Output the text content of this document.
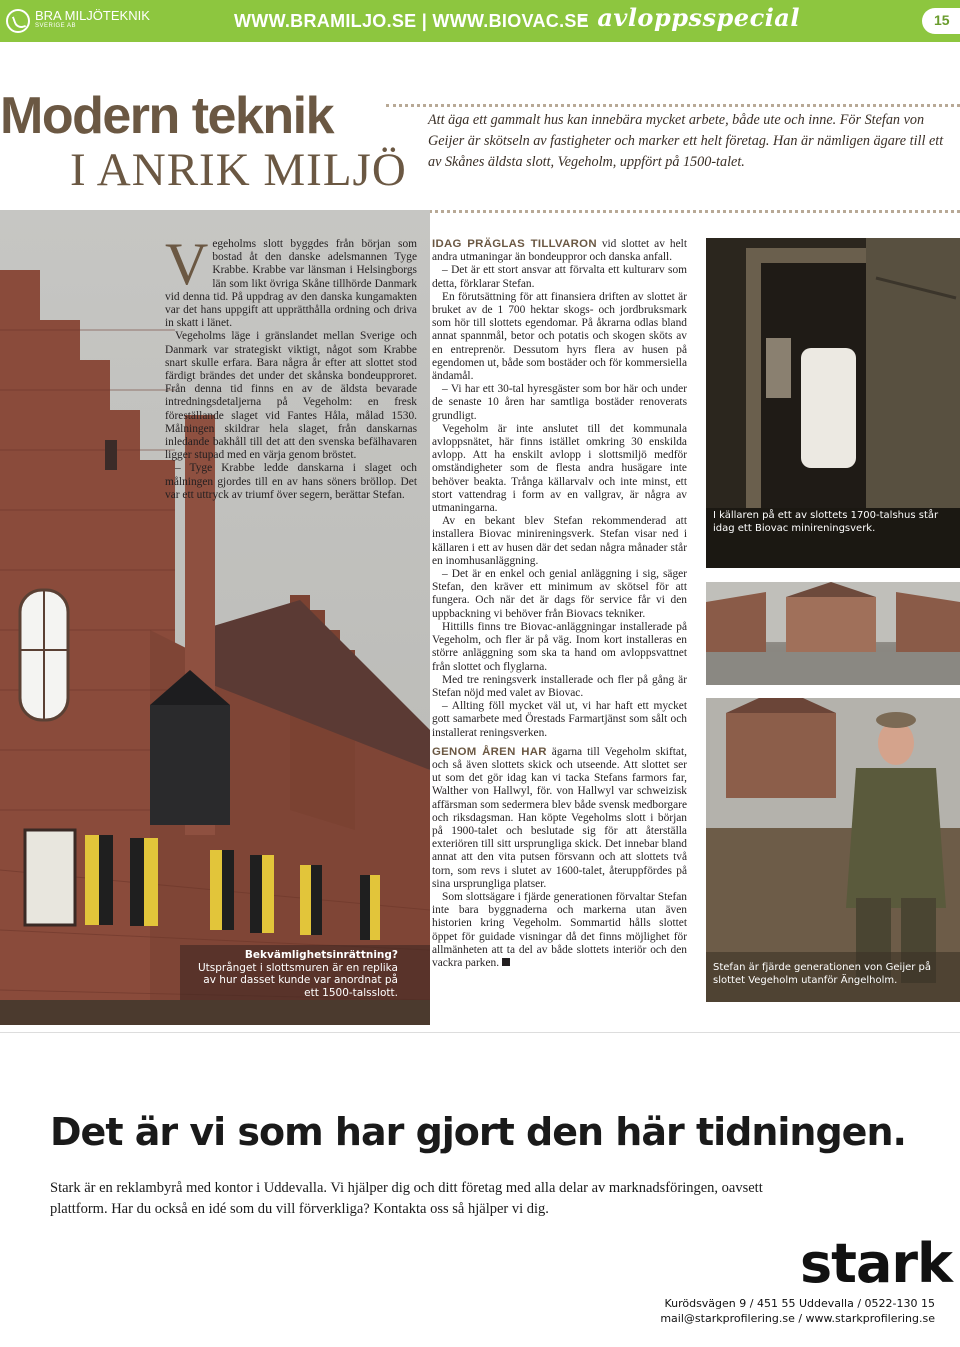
BRA MILJÖTEKNIK
SVERIGE AB	WWW.BRAMILJO.SE | WWW.BIOVAC.SE
- avloppsspecial	15
Modern teknik
I ANRIK MILJÖ
Att äga ett gammalt hus kan innebära mycket arbete, både ute och inne. För Stefan von Geijer är skötseln av fastigheter och marker ett helt företag. Han är nämligen ägare till ett av Skånes äldsta slott, Vegeholm, uppfört på 1500-talet.
Bekvämlighetsinrättning?
Utsprånget i slottsmuren är en replika av hur dasset kunde var anordnat på ett 1500-talsslott.
V egeholms slott byggdes från början som bostad åt den danske adelsmannen Tyge Krabbe. Krabbe var länsman i Helsingborgs län som likt övriga Skåne tillhörde Danmark vid denna tid. På uppdrag av den danska kungamakten var det hans uppgift att upprätthålla ordning och driva in skatt i länet.

Vegeholms läge i gränslandet mellan Sverige och Danmark var strategiskt viktigt, något som Krabbe snart skulle erfara. Bara några år efter att slottet stod färdigt brändes det under det skånska bondeupproret. Från denna tid finns en av de äldsta bevarade intredningsdetaljerna på Vegeholm: en fresk föreställande slaget vid Fantes Håla, målad 1530. Målningen skildrar hela slaget, från danskarnas inledande bakhåll till det att den svenska befälhavaren ligger stupad med en värja genom bröstet.

– Tyge Krabbe ledde danskarna i slaget och målningen gjordes till en av hans söners bröllop. Det var ett uttryck av triumf över segern, berättar Stefan.

IDAG PRÄGLAS TILLVARON vid slottet av helt andra utmaningar än bondeuppror och danska anfall.

– Det är ett stort ansvar att förvalta ett kulturarv som detta, förklarar Stefan.

En förutsättning för att finansiera driften av slottet är bruket av de 1 700 hektar skogs- och jordbruksmark som hör till slottets egendomar. På åkrarna odlas bland annat spannmål, betor och potatis och skogen sköts av en entreprenör. Dessutom hyrs flera av husen på egendomen ut, både som bostäder och för kommersiella ändamål.

– Vi har ett 30-tal hyresgäster som bor här och under de senaste 10 åren har samtliga bostäder renoverats grundligt.

Vegeholm är inte anslutet till det kommunala avloppsnätet, här finns istället omkring 30 enskilda avlopp. Att ha enskilt avlopp i slottsmiljö medför omständigheter som de flesta andra husägare inte behöver beakta. Trånga källarvalv och inte minst, ett stort vattendrag i form av en vallgrav, är några av utmaningarna.

Av en bekant blev Stefan rekommenderad att installera Biovac minireningsverk. Stefan visar ned i källaren i ett av husen där det sedan några månader står en inomhusanläggning.

– Det är en enkel och genial anläggning i sig, säger Stefan, den kräver ett minimum av skötsel för att fungera. Och när det är dags för service får vi den uppbackning vi behöver från Biovacs tekniker.

Hittills finns tre Biovac-anläggningar installerade på Vegeholm, och fler är på väg. Inom kort installeras en större anläggning som ska ta hand om avloppsvattnet från slottet och flyglarna.

Med tre reningsverk installerade och fler på gång är Stefan nöjd med valet av Biovac.

– Allting föll mycket väl ut, vi har haft ett mycket gott samarbete med Örestads Farmartjänst som sålt och installerat reningsverken.

GENOM ÅREN HAR ägarna till Vegeholm skiftat, och så även slottets skick och utseende. Att slottet ser ut som det gör idag kan vi tacka Stefans farmors far, Walther von Hallwyl, för. von Hallwyl var schweizisk affärsman som sedermera blev både svensk medborgare och riksdagsman. Han köpte Vegeholms slott i början på 1900-talet och beslutade sig för att återställa exteriören till sitt ursprungliga skick. Det innebar bland annat att den vita putsen försvann och att slottets två torn, som revs i slutet av 1600-talet, återuppfördes på sina ursprungliga platser.

Som slottsägare i fjärde generationen förvaltar Stefan inte bara byggnaderna och markerna utan även historien kring Vegeholm. Sommartid hålls slottet öppet för guidade visningar då det finns möjlighet för allmänheten att ta del av både slottets interiör och den vackra parken.

I källaren på ett av slottets 1700-talshus står idag ett Biovac minireningsverk.
Stefan är fjärde generationen von Geijer på slottet Vegeholm utanför Ängelholm.
Det är vi som har gjort den här tidningen.
Stark är en reklambyrå med kontor i Uddevalla. Vi hjälper dig och ditt företag med alla delar av marknadsföringen, oavsett plattform. Har du också en idé som du vill förverkliga? Kontakta oss så hjälper vi dig.
stark
Kurödsvägen 9 / 451 55 Uddevalla / 0522-130 15
mail@starkprofilering.se / www.starkprofilering.se
